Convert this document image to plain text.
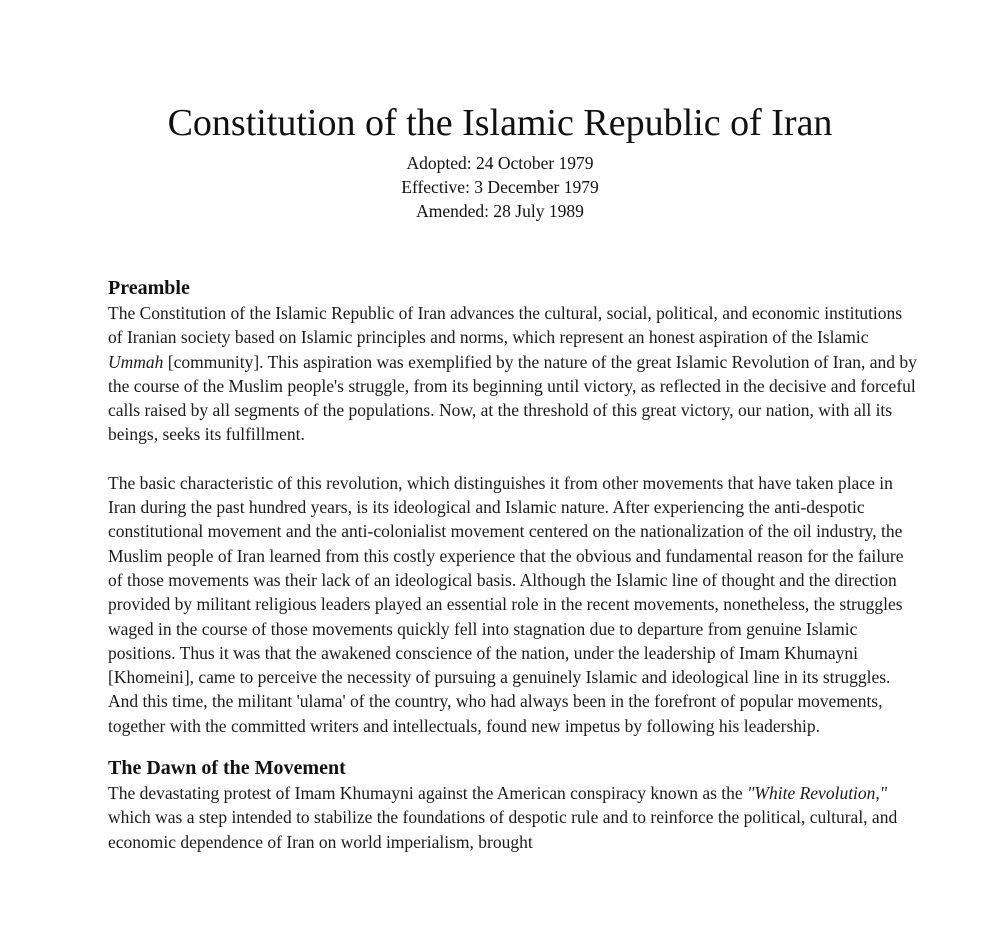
Constitution of the Islamic Republic of Iran
Adopted: 24 October 1979
Effective: 3 December 1979
Amended: 28 July 1989
Preamble

The Constitution of the Islamic Republic of Iran advances the cultural, social, political, and economic institutions of Iranian society based on Islamic principles and norms, which represent an honest aspiration of the Islamic Ummah [community]. This aspiration was exemplified by the nature of the great Islamic Revolution of Iran, and by the course of the Muslim people's struggle, from its beginning until victory, as reflected in the decisive and forceful calls raised by all segments of the populations. Now, at the threshold of this great victory, our nation, with all its beings, seeks its fulfillment.

The basic characteristic of this revolution, which distinguishes it from other movements that have taken place in Iran during the past hundred years, is its ideological and Islamic nature. After experiencing the anti-despotic constitutional movement and the anti-colonialist movement centered on the nationalization of the oil industry, the Muslim people of Iran learned from this costly experience that the obvious and fundamental reason for the failure of those movements was their lack of an ideological basis. Although the Islamic line of thought and the direction provided by militant religious leaders played an essential role in the recent movements, nonetheless, the struggles waged in the course of those movements quickly fell into stagnation due to departure from genuine Islamic positions. Thus it was that the awakened conscience of the nation, under the leadership of Imam Khumayni [Khomeini], came to perceive the necessity of pursuing a genuinely Islamic and ideological line in its struggles. And this time, the militant 'ulama' of the country, who had always been in the forefront of popular movements, together with the committed writers and intellectuals, found new impetus by following his leadership.

The Dawn of the Movement

The devastating protest of Imam Khumayni against the American conspiracy known as the "White Revolution," which was a step intended to stabilize the foundations of despotic rule and to reinforce the political, cultural, and economic dependence of Iran on world imperialism, brought
